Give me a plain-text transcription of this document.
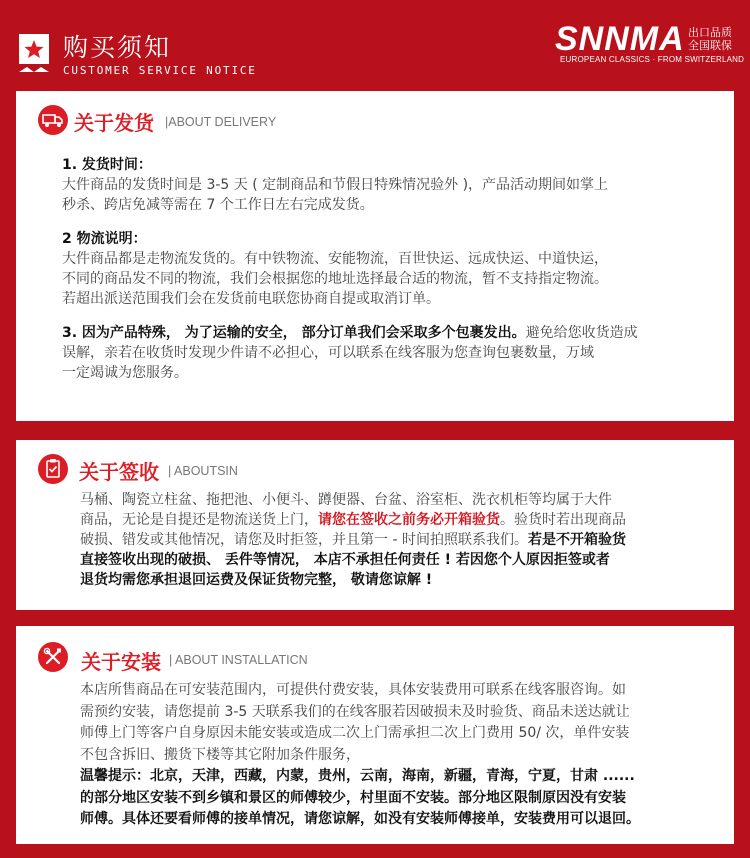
购买须知
CUSTOMER SERVICE NOTICE
SNNMA 出口品质
全国联保
EUROPEAN CLASSICS · FROM SWITZERLAND
关于发货 |ABOUT DELIVERY
1. 发货时间：
大件商品的发货时间是 3-5 天 ( 定制商品和节假日特殊情况验外 )，产品活动期间如掌上
秒杀、跨店免减等需在 7 个工作日左右完成发货。
2 物流说明：
大件商品都是走物流发货的。有中铁物流、安能物流，百世快运、远成快运、中道快运，
不同的商品发不同的物流，我们会根据您的地址选择最合适的物流，暂不支持指定物流。
若超出派送范围我们会在发货前电联您协商自提或取消订单。
3. 因为产品特殊， 为了运输的安全， 部分订单我们会采取多个包裹发出。避免给您收货造成
误解，亲若在收货时发现少件请不必担心，可以联系在线客服为您查询包裹数量，万域
一定竭诚为您服务。
关于签收 | ABOUTSIN
马桶、陶瓷立柱盆、拖把池、小便斗、蹲便器、台盆、浴室柜、洗衣机柜等均属于大件
商品，无论是自提还是物流送货上门，请您在签收之前务必开箱验货。验货时若出现商品
破损、错发或其他情况，请您及时拒签，并且第一 - 时间拍照联系我们。若是不开箱验货
直接签收出现的破损、 丢件等情况， 本店不承担任何责任 ! 若因您个人原因拒签或者
退货均需您承担退回运费及保证货物完整， 敬请您谅解 !
关于安装 | ABOUT INSTALLATICN
本店所售商品在可安装范围内，可提供付费安装，具体安装费用可联系在线客服咨询。如
需预约安装，请您提前 3-5 天联系我们的在线客服若因破损未及时验货、商品未送达就让
师傅上门等客户自身原因未能安装或造成二次上门需承担二次上门费用 50/ 次，单件安装
不包含拆旧、搬货下楼等其它附加条件服务，
温馨提示：北京，天津，西藏，内蒙，贵州，云南，海南，新疆，青海，宁夏，甘肃 ......
的部分地区安装不到乡镇和景区的师傅较少，村里面不安装。部分地区限制原因没有安装
师傅。具体还要看师傅的接单情况，请您谅解，如没有安装师傅接单，安装费用可以退回。
